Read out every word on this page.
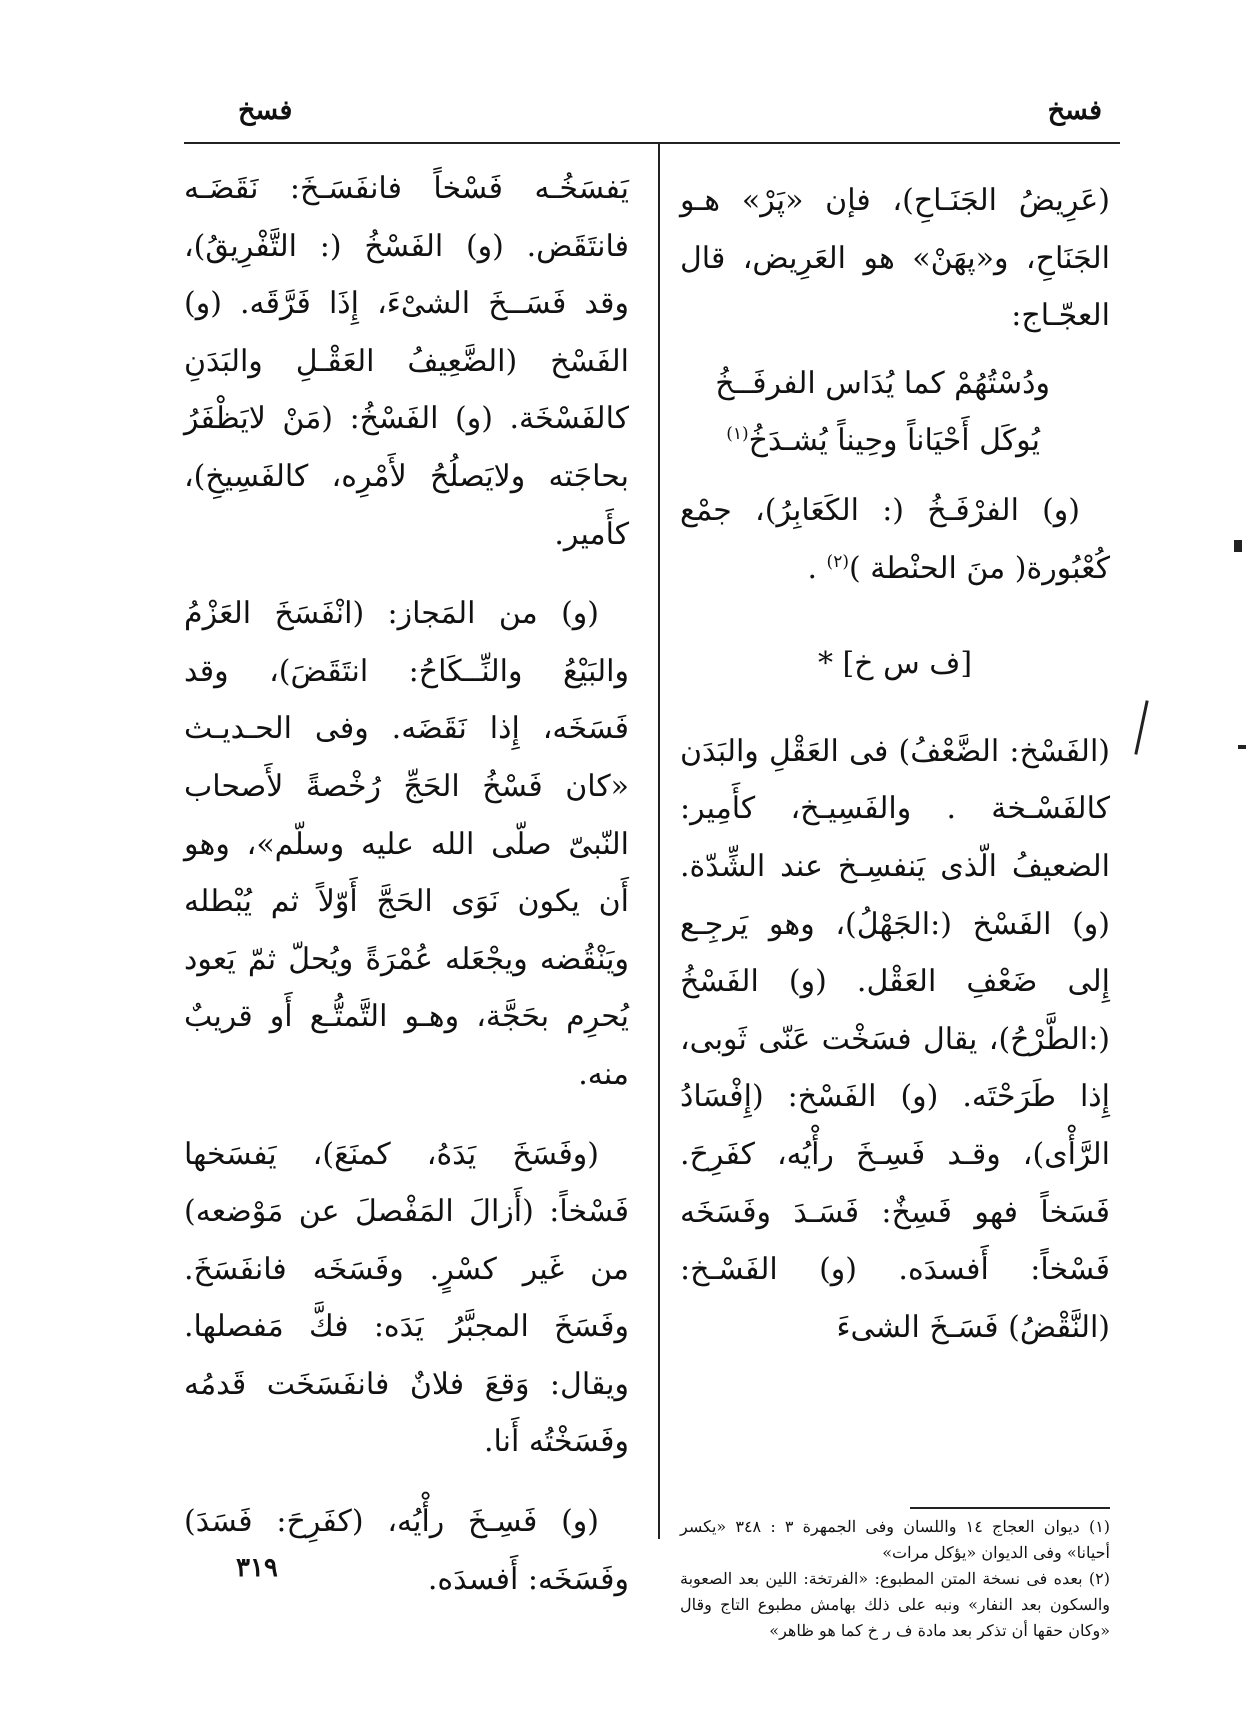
فسخ
فسخ

(عَرِيضُ الجَنَـاحِ)، فإن «پَرْ» هـو الجَنَاحِ، و«پهَنْ» هو العَرِيض، قال العجّـاج:

ودُسْتُهُمْ كما يُدَاس الفرفَــخُ

يُوكَل أَحْيَاناً وحِيناً يُشـدَخُ$^{(١)}$

(و) الفرْفَـخُ (: الكَعَابِرُ)، جمْع كُعْبُورة( منَ الحنْطة )$^{(٢)}$ .

[ف س خ] *

(الفَسْخ: الضَّعْفُ) فى العَقْلِ والبَدَن كالفَسْـخة . والفَسِيـخ، كأَمِير: الضعيفُ الّذى يَنفسِـخ عند الشِّدّة. (و) الفَسْخ (:الجَهْلُ)، وهو يَرجِـع إِلى ضَعْفِ العَقْل. (و) الفَسْخُ (:الطَّرْحُ)، يقال فسَخْت عَنّى ثَوبى، إِذا طَرَحْتَه. (و) الفَسْخ: (إِفْسَادُ الرَّأْى)، وقـد فَسِـخَ رأْيُه، كفَرِحَ. فَسَخاً فهو فَسِخٌ: فَسَـدَ وفَسَخَه فَسْخاً: أَفسدَه. (و) الفَسْـخ: (النَّقْضُ) فَسَـخَ الشىءَ

يَفسَخُـه فَسْخاً فانفَسَـخَ: نَقَضَـه فانتَقَض. (و) الفَسْخُ (: التَّفْرِيقُ)، وقد فَسَــخَ الشىْءَ، إِذَا فَرَّقَه. (و) الفَسْخ (الضَّعِيفُ العَقْـلِ والبَدَنِ كالفَسْخَة. (و) الفَسْخُ: (مَنْ لايَظْفَرُ بحاجَته ولايَصلُحُ لأَمْرِه، كالفَسِيخِ)، كأَمير.

(و) من المَجاز: (انْفَسَخَ العَزْمُ والبَيْعُ والنِّــكَاحُ: انتَقَضَ)، وقد فَسَخَه، إِذا نَقَضَه. وفى الحـديـث «كان فَسْخُ الحَجِّ رُخْصةً لأَصحاب النّبىّ صلّى الله عليه وسلّم»، وهو أَن يكون نَوَى الحَجَّ أَوّلاً ثم يُبْطله ويَنْقُضه ويجْعَله عُمْرَةً ويُحلّ ثمّ يَعود يُحرِم بحَجَّة، وهـو التَّمتُّـع أَو قريبٌ منه.

(وفَسَخَ يَدَهُ، كمنَعَ)، يَفسَخها فَسْخاً: (أَزالَ المَفْصلَ عن مَوْضعه) من غَير كسْرٍ. وفَسَخَه فانفَسَخَ. وفَسَخَ المجبَّرُ يَدَه: فكَّ مَفصلها. ويقال: وَقعَ فلانٌ فانفَسَخَت قَدمُه وفَسَخْتُه أَنا.

(و) فَسِـخَ رأْيُه، (كفَرِحَ: فَسَدَ) وفَسَخَه: أَفسدَه.

(١) ديوان العجاج ١٤ واللسان وفى الجمهرة ٣ : ٣٤٨ «يكسر أحيانا» وفى الديوان «يؤكل مرات»

(٢) بعده فى نسخة المتن المطبوع: «الفرتخة: اللين بعد الصعوبة والسكون بعد النفار» ونبه على ذلك بهامش مطبوع التاج وقال «وكان حقها أن تذكر بعد مادة ف ر خ كما هو ظاهر»

٣١٩
